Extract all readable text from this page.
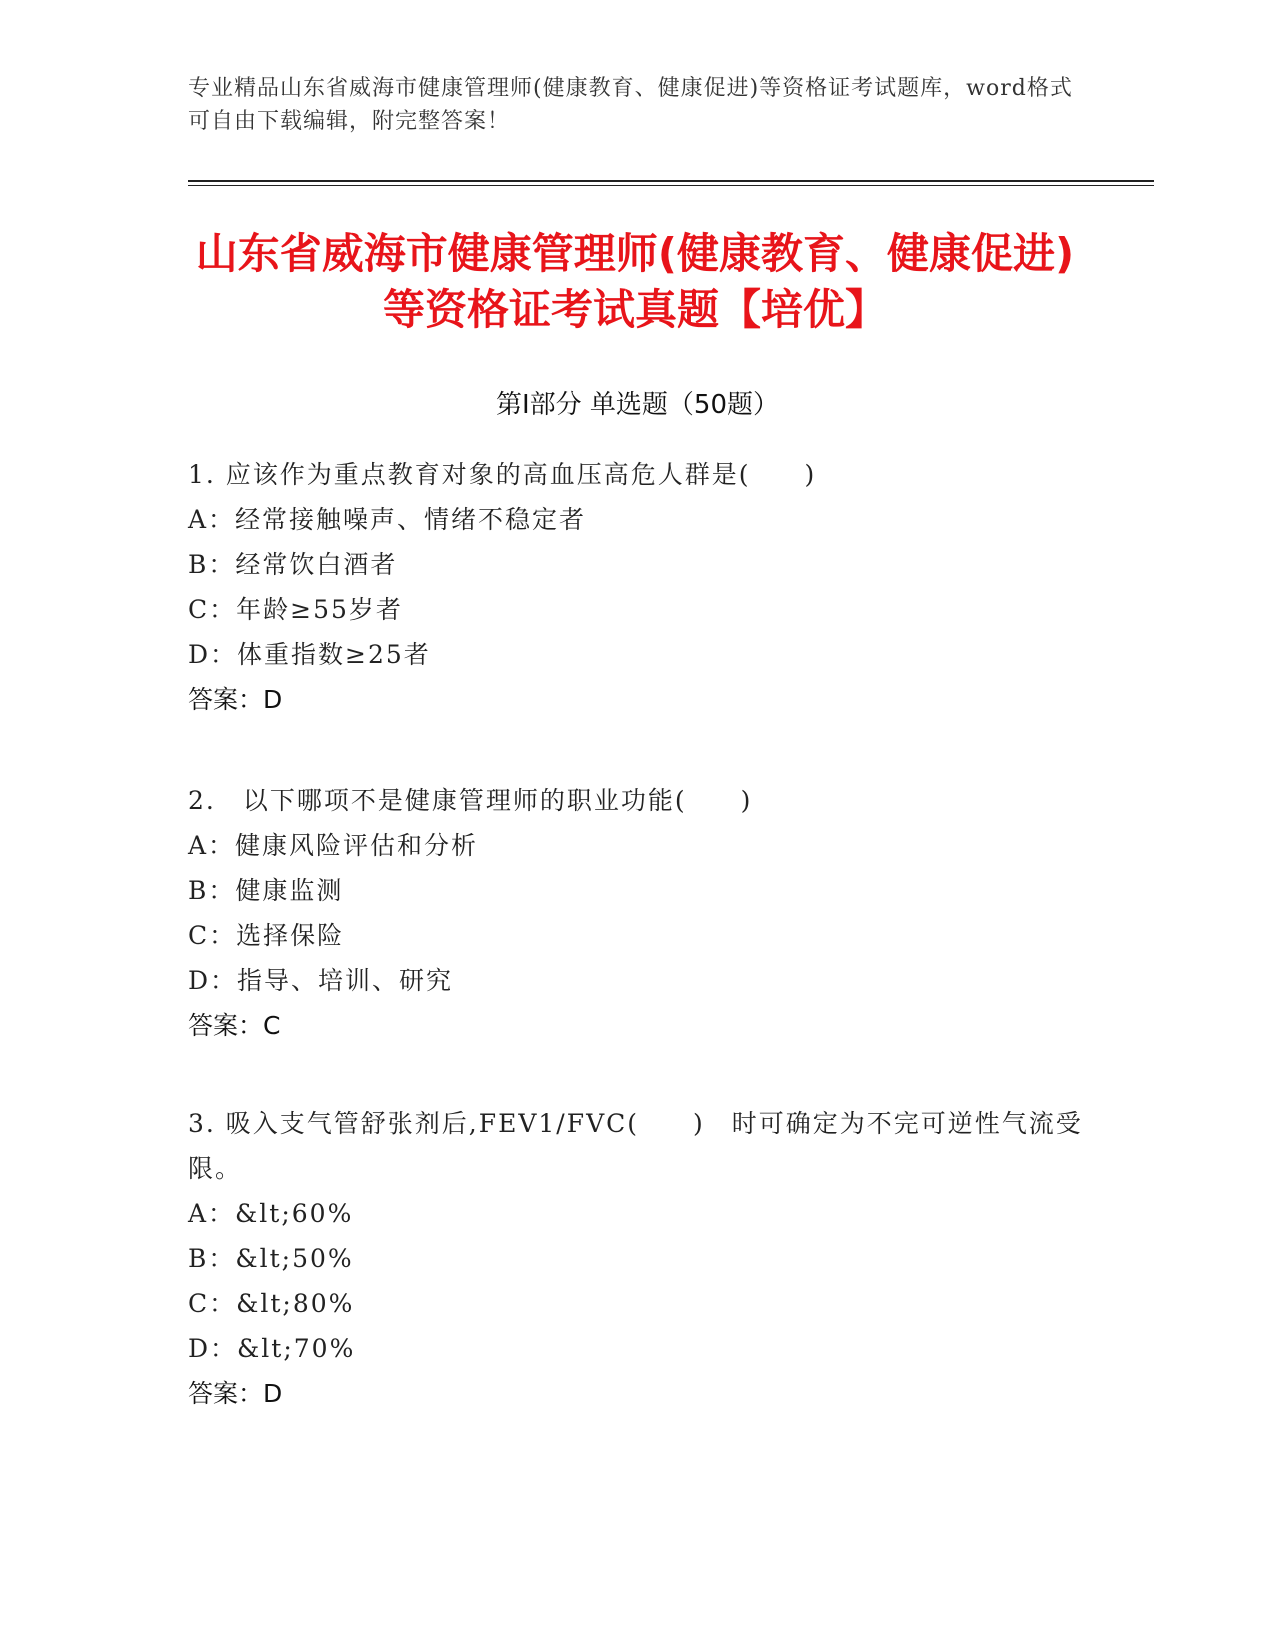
专业精品山东省威海市健康管理师(健康教育、健康促进)等资格证考试题库，word格式可自由下载编辑，附完整答案！
山东省威海市健康管理师(健康教育、健康促进)等资格证考试真题【培优】
第Ⅰ部分 单选题（50题）
1. 应该作为重点教育对象的高血压高危人群是(　　)
A：经常接触噪声、情绪不稳定者
B：经常饮白酒者
C：年龄≥55岁者
D：体重指数≥25者
答案：D
2.　以下哪项不是健康管理师的职业功能(　　)
A：健康风险评估和分析
B：健康监测
C：选择保险
D：指导、培训、研究
答案：C
3. 吸入支气管舒张剂后,FEV1/FVC(　　)　时可确定为不完可逆性气流受限。
A：&lt;60%
B：&lt;50%
C：&lt;80%
D：&lt;70%
答案：D
